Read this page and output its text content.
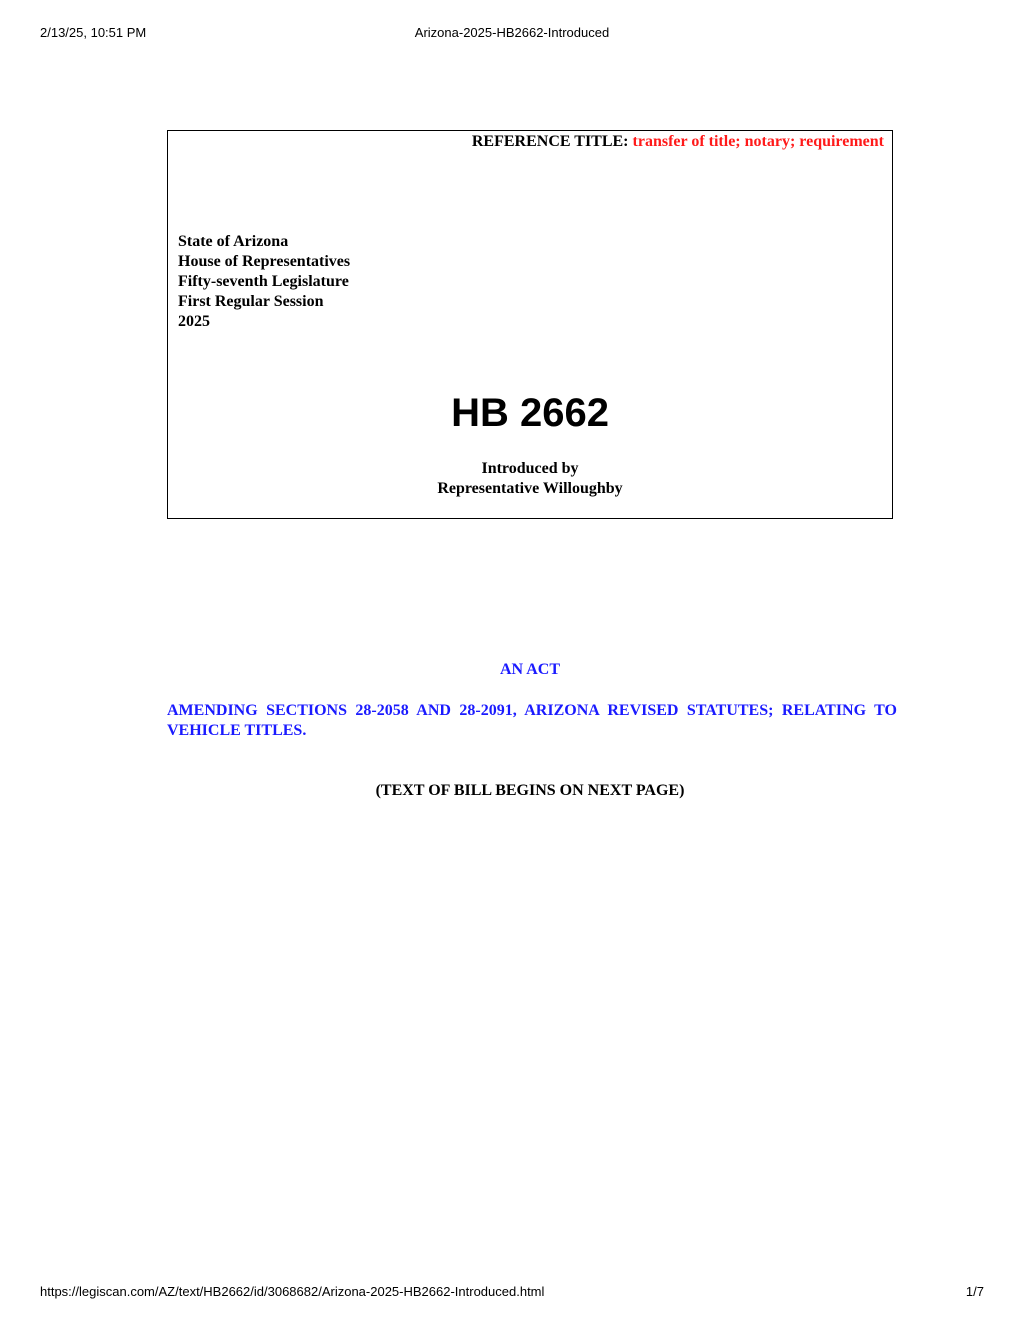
2/13/25, 10:51 PM	Arizona-2025-HB2662-Introduced
REFERENCE TITLE: transfer of title; notary; requirement
State of Arizona
House of Representatives
Fifty-seventh Legislature
First Regular Session
2025
HB 2662
Introduced by
Representative Willoughby
AN ACT
AMENDING SECTIONS 28-2058 AND 28-2091, ARIZONA REVISED STATUTES; RELATING TO VEHICLE TITLES.
(TEXT OF BILL BEGINS ON NEXT PAGE)
https://legiscan.com/AZ/text/HB2662/id/3068682/Arizona-2025-HB2662-Introduced.html	1/7
